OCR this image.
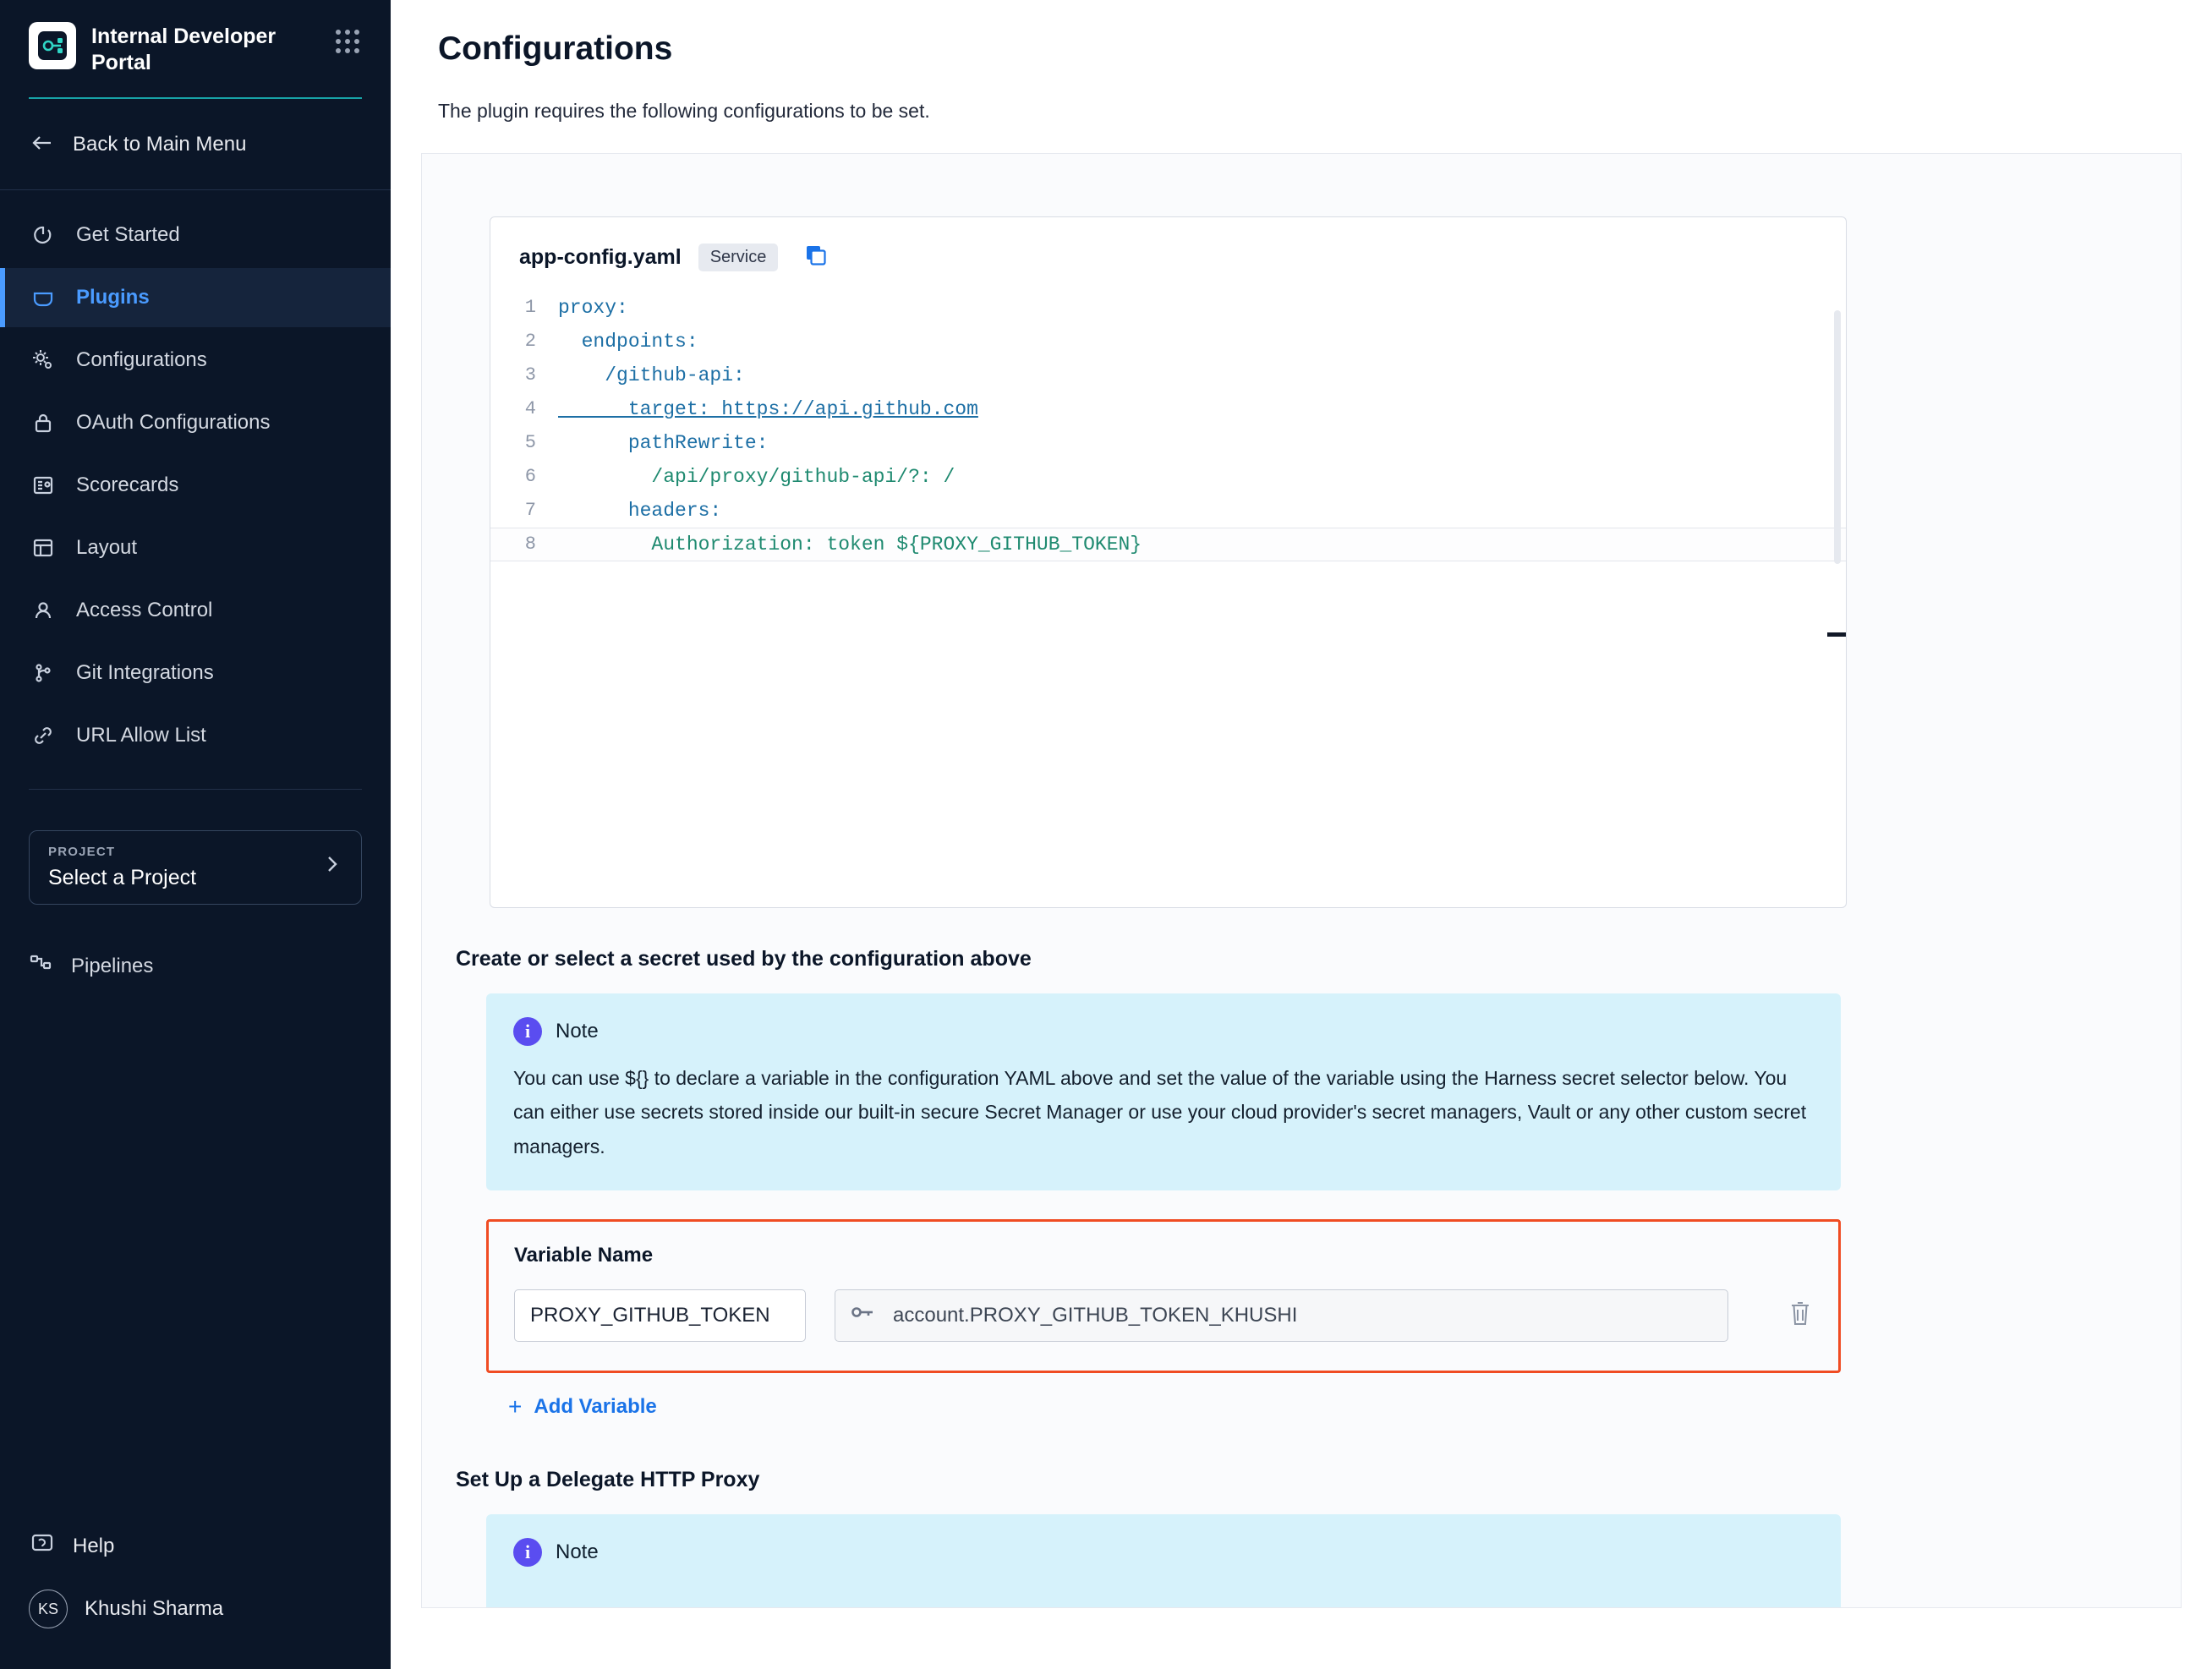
Internal Developer Portal
Back to Main Menu
Get Started
Plugins
Configurations
OAuth Configurations
Scorecards
Layout
Access Control
Git Integrations
URL Allow List
PROJECT
Select a Project
Pipelines
Help
KS	Khushi Sharma
Configurations
The plugin requires the following configurations to be set.
app-config.yaml	Service
1	proxy:
2	endpoints:
3	/github-api:
4	target: https://api.github.com
5	pathRewrite:
6	/api/proxy/github-api/?: /
7	headers:
8	Authorization: token ${PROXY_GITHUB_TOKEN}
Create or select a secret used by the configuration above
i	Note
You can use ${} to declare a variable in the configuration YAML above and set the value of the variable using the Harness secret selector below. You can either use secrets stored inside our built-in secure Secret Manager or use your cloud provider's secret managers, Vault or any other custom secret managers.
Variable Name
PROXY_GITHUB_TOKEN	account.PROXY_GITHUB_TOKEN_KHUSHI
+ Add Variable
Set Up a Delegate HTTP Proxy
i	Note
